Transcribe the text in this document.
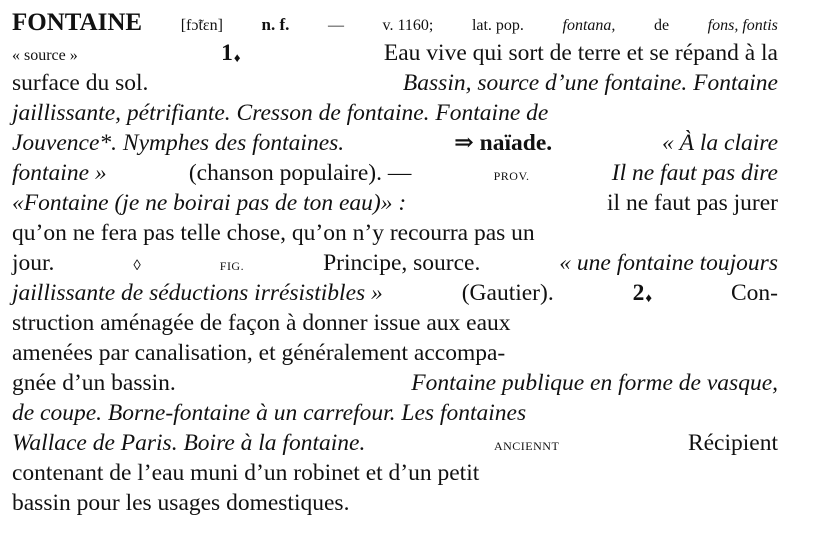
FONTAINE [fɔ̃tɛn] n. f. — v. 1160; lat. pop. fontana, de fons, fontis
« source »	1♦	Eau vive qui sort de terre et se répand à la
surface du sol.	Bassin, source d’une fontaine. Fontaine
jaillissante, pétrifiante. Cresson de fontaine. Fontaine de
Jouvence*. Nymphes des fontaines.	⇒ naïade.	« À la claire
fontaine »	(chanson populaire). —	PROV.	Il ne faut pas dire
«Fontaine (je ne boirai pas de ton eau)» :	il ne faut pas jurer
qu’on ne fera pas telle chose, qu’on n’y recourra pas un
jour.	◊	FIG.	Principe, source.	« une fontaine toujours
jaillissante de séductions irrésistibles »	(Gautier).	2♦	Con-
struction aménagée de façon à donner issue aux eaux
amenées par canalisation, et généralement accompa-
gnée d’un bassin.	Fontaine publique en forme de vasque,
de coupe. Borne-fontaine à un carrefour. Les fontaines
Wallace de Paris. Boire à la fontaine.	ANCIENNT	Récipient
contenant de l’eau muni d’un robinet et d’un petit
bassin pour les usages domestiques.
